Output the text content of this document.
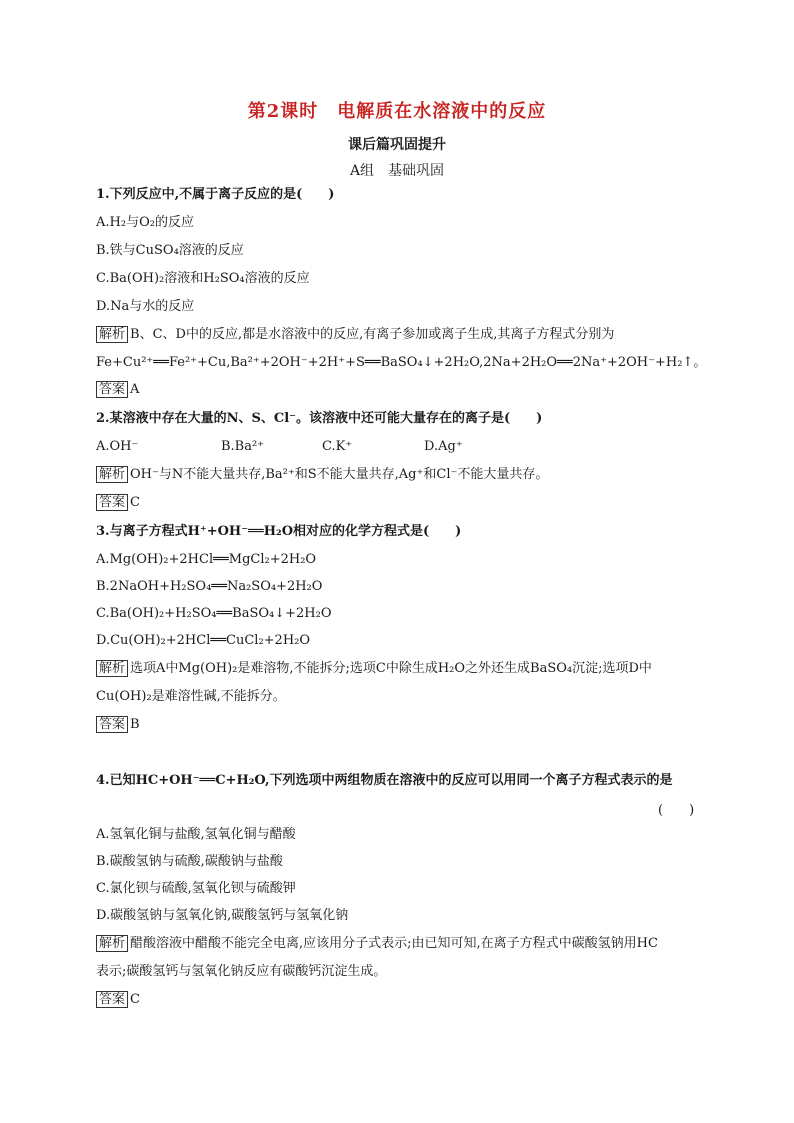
第2课时　电解质在水溶液中的反应
课后篇巩固提升
A组　基础巩固
1.下列反应中,不属于离子反应的是(　　)
A.H₂与O₂的反应
B.铁与CuSO₄溶液的反应
C.Ba(OH)₂溶液和H₂SO₄溶液的反应
D.Na与水的反应
解析 B、C、D中的反应,都是水溶液中的反应,有离子参加或离子生成,其离子方程式分别为
Fe+Cu²⁺══Fe²⁺+Cu,Ba²⁺+2OH⁻+2H⁺+S══BaSO₄↓+2H₂O,2Na+2H₂O══2Na⁺+2OH⁻+H₂↑。
答案 A
2.某溶液中存在大量的N、S、Cl⁻。该溶液中还可能大量存在的离子是(　　)
A.OH⁻	B.Ba²⁺	C.K⁺	D.Ag⁺
解析 OH⁻与N不能大量共存,Ba²⁺和S不能大量共存,Ag⁺和Cl⁻不能大量共存。
答案 C
3.与离子方程式H⁺+OH⁻══H₂O相对应的化学方程式是(　　)
A.Mg(OH)₂+2HCl══MgCl₂+2H₂O
B.2NaOH+H₂SO₄══Na₂SO₄+2H₂O
C.Ba(OH)₂+H₂SO₄══BaSO₄↓+2H₂O
D.Cu(OH)₂+2HCl══CuCl₂+2H₂O
解析 选项A中Mg(OH)₂是难溶物,不能拆分;选项C中除生成H₂O之外还生成BaSO₄沉淀;选项D中
Cu(OH)₂是难溶性碱,不能拆分。
答案 B
4.已知HC+OH⁻══C+H₂O,下列选项中两组物质在溶液中的反应可以用同一个离子方程式表示的是
(　　)
A.氢氧化铜与盐酸,氢氧化铜与醋酸
B.碳酸氢钠与硫酸,碳酸钠与盐酸
C.氯化钡与硫酸,氢氧化钡与硫酸钾
D.碳酸氢钠与氢氧化钠,碳酸氢钙与氢氧化钠
解析 醋酸溶液中醋酸不能完全电离,应该用分子式表示;由已知可知,在离子方程式中碳酸氢钠用HC
表示;碳酸氢钙与氢氧化钠反应有碳酸钙沉淀生成。
答案 C
